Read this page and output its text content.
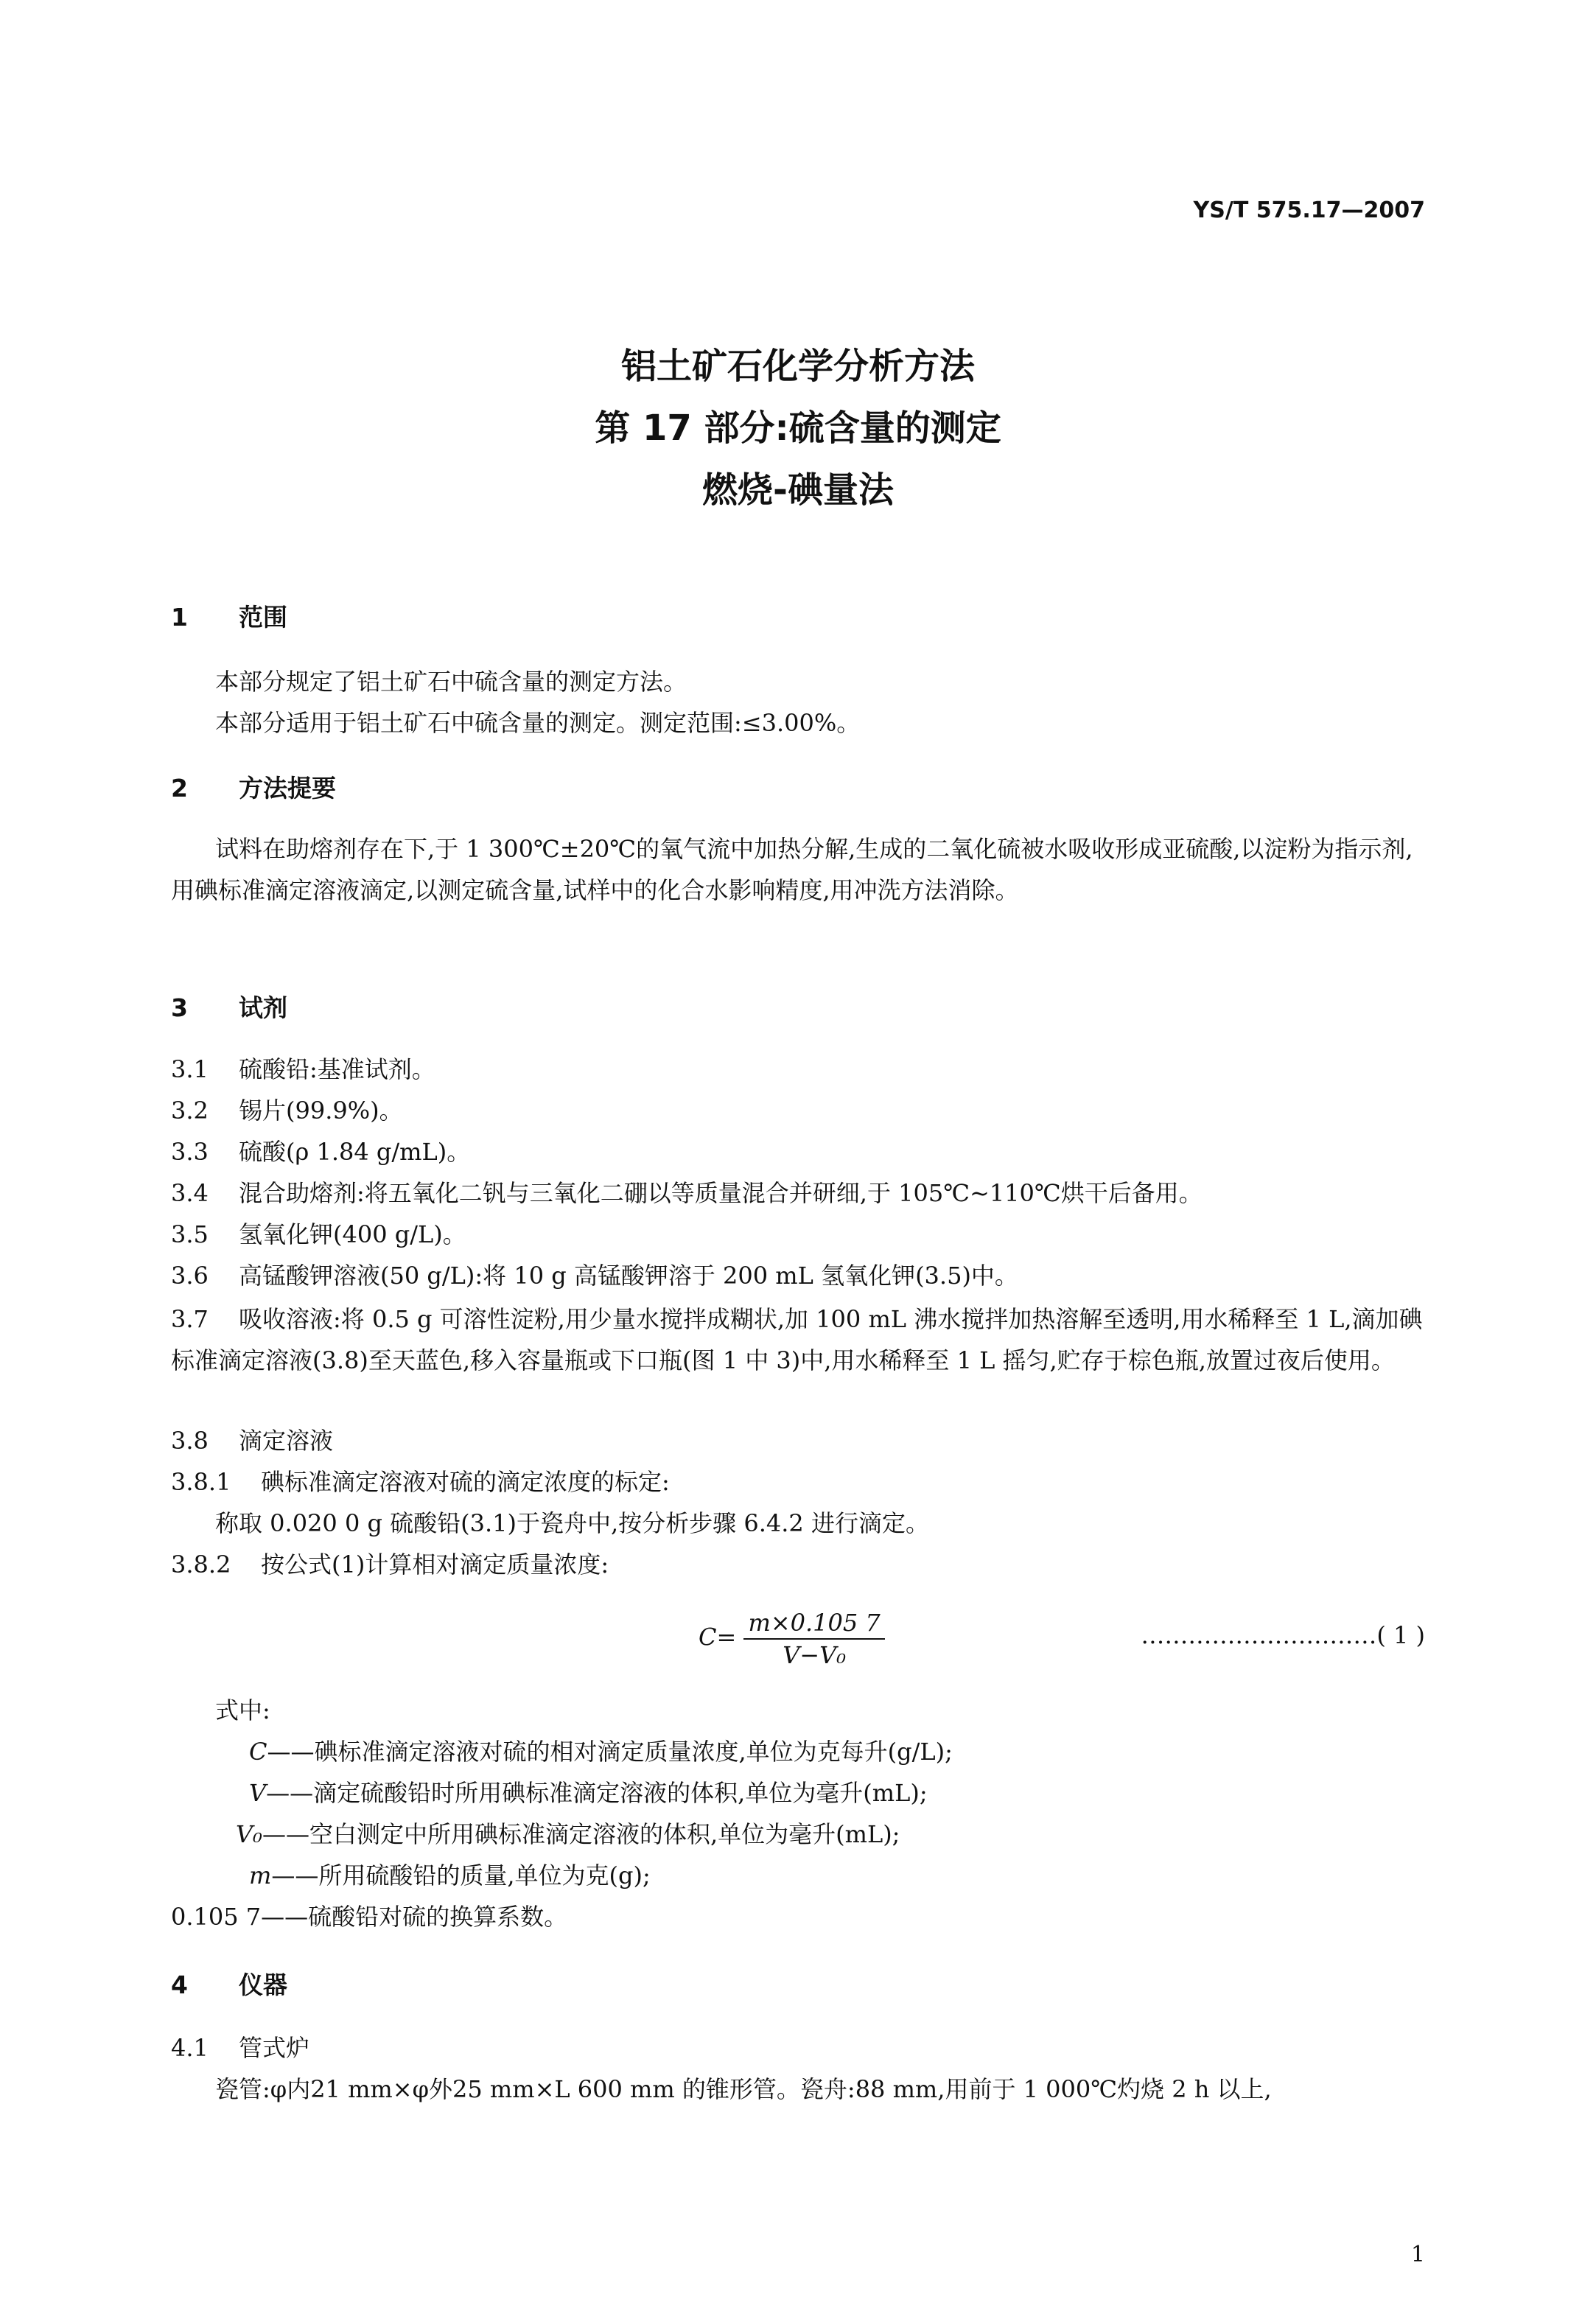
YS/T 575.17—2007
铝土矿石化学分析方法
第 17 部分:硫含量的测定
燃烧-碘量法
1 范围
本部分规定了铝土矿石中硫含量的测定方法。
本部分适用于铝土矿石中硫含量的测定。测定范围:≤3.00%。
2 方法提要
试料在助熔剂存在下,于 1 300℃±20℃的氧气流中加热分解,生成的二氧化硫被水吸收形成亚硫酸,以淀粉为指示剂,用碘标准滴定溶液滴定,以测定硫含量,试样中的化合水影响精度,用冲洗方法消除。
3 试剂
3.1 硫酸铅:基准试剂。
3.2 锡片(99.9%)。
3.3 硫酸(ρ 1.84 g/mL)。
3.4 混合助熔剂:将五氧化二钒与三氧化二硼以等质量混合并研细,于 105℃~110℃烘干后备用。
3.5 氢氧化钾(400 g/L)。
3.6 高锰酸钾溶液(50 g/L):将 10 g 高锰酸钾溶于 200 mL 氢氧化钾(3.5)中。
3.7 吸收溶液:将 0.5 g 可溶性淀粉,用少量水搅拌成糊状,加 100 mL 沸水搅拌加热溶解至透明,用水稀释至 1 L,滴加碘标准滴定溶液(3.8)至天蓝色,移入容量瓶或下口瓶(图 1 中 3)中,用水稀释至 1 L 摇匀,贮存于棕色瓶,放置过夜后使用。
3.8 滴定溶液
3.8.1 碘标准滴定溶液对硫的滴定浓度的标定:
称取 0.020 0 g 硫酸铅(3.1)于瓷舟中,按分析步骤 6.4.2 进行滴定。
3.8.2 按公式(1)计算相对滴定质量浓度:
$C= \frac{m\times 0.105 7}{\text{V−V₀}}$	…………………………( 1 )
式中:
C——碘标准滴定溶液对硫的相对滴定质量浓度,单位为克每升(g/L);
V——滴定硫酸铅时所用碘标准滴定溶液的体积,单位为毫升(mL);
V₀——空白测定中所用碘标准滴定溶液的体积,单位为毫升(mL);
m——所用硫酸铅的质量,单位为克(g);
0.105 7——硫酸铅对硫的换算系数。
4 仪器
4.1 管式炉
瓷管:φ内21 mm×φ外25 mm×L 600 mm 的锥形管。瓷舟:88 mm,用前于 1 000℃灼烧 2 h 以上,
1
